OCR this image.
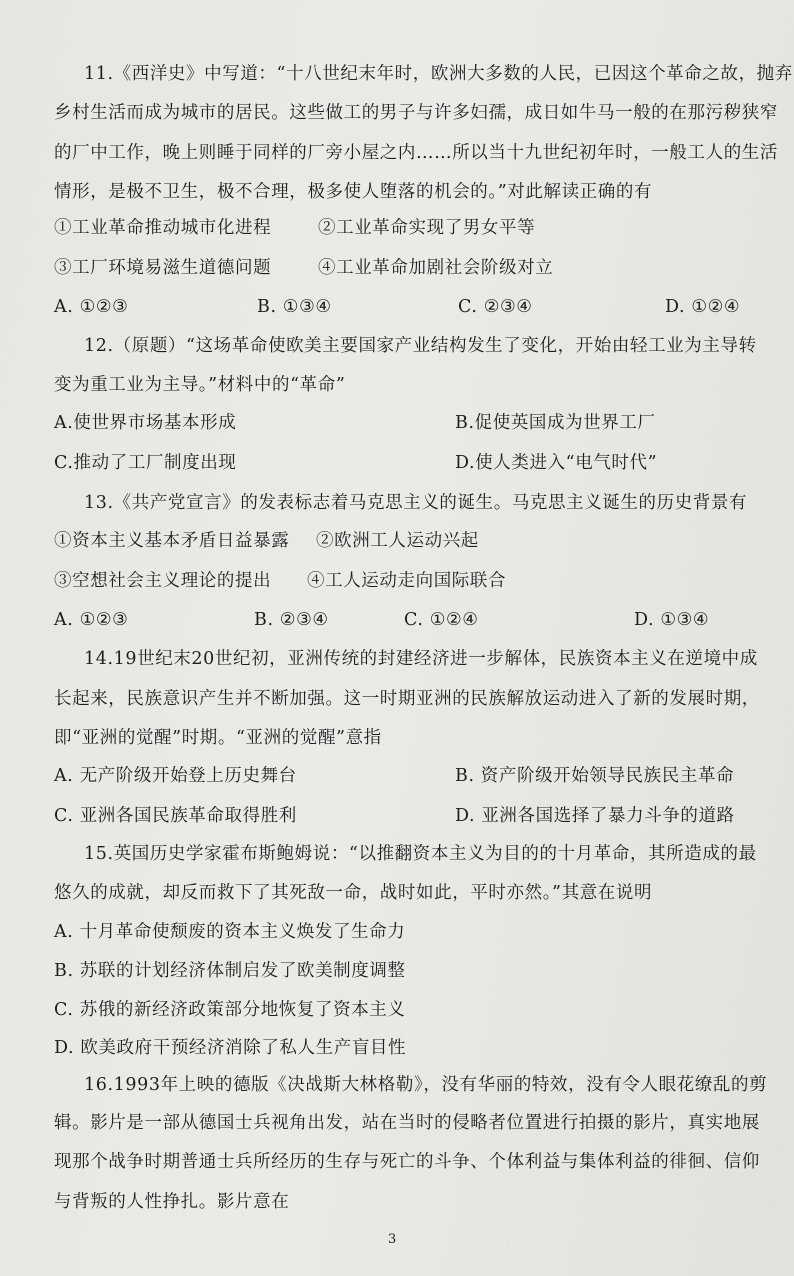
11.《西洋史》中写道：“十八世纪末年时，欧洲大多数的人民，已因这个革命之故，抛弃
乡村生活而成为城市的居民。这些做工的男子与许多妇孺，成日如牛马一般的在那污秽狭窄
的厂中工作，晚上则睡于同样的厂旁小屋之内……所以当十九世纪初年时，一般工人的生活
情形，是极不卫生，极不合理，极多使人堕落的机会的。”对此解读正确的有
①工业革命推动城市化进程	②工业革命实现了男女平等
③工厂环境易滋生道德问题	④工业革命加剧社会阶级对立
A. ①②③	B. ①③④	C. ②③④	D. ①②④
12.（原题）“这场革命使欧美主要国家产业结构发生了变化，开始由轻工业为主导转
变为重工业为主导。”材料中的“革命”
A.使世界市场基本形成	B.促使英国成为世界工厂
C.推动了工厂制度出现	D.使人类进入“电气时代”
13.《共产党宣言》的发表标志着马克思主义的诞生。马克思主义诞生的历史背景有
①资本主义基本矛盾日益暴露 ②欧洲工人运动兴起
③空想社会主义理论的提出 ④工人运动走向国际联合
A. ①②③	B. ②③④	C. ①②④	D. ①③④
14.19世纪末20世纪初，亚洲传统的封建经济进一步解体，民族资本主义在逆境中成
长起来，民族意识产生并不断加强。这一时期亚洲的民族解放运动进入了新的发展时期，
即“亚洲的觉醒”时期。“亚洲的觉醒”意指
A. 无产阶级开始登上历史舞台	B. 资产阶级开始领导民族民主革命
C. 亚洲各国民族革命取得胜利	D. 亚洲各国选择了暴力斗争的道路
15.英国历史学家霍布斯鲍姆说：“以推翻资本主义为目的的十月革命，其所造成的最
悠久的成就，却反而救下了其死敌一命，战时如此，平时亦然。”其意在说明
A. 十月革命使颓废的资本主义焕发了生命力
B. 苏联的计划经济体制启发了欧美制度调整
C. 苏俄的新经济政策部分地恢复了资本主义
D. 欧美政府干预经济消除了私人生产盲目性
16.1993年上映的德版《决战斯大林格勒》，没有华丽的特效，没有令人眼花缭乱的剪
辑。影片是一部从德国士兵视角出发，站在当时的侵略者位置进行拍摄的影片，真实地展
现那个战争时期普通士兵所经历的生存与死亡的斗争、个体利益与集体利益的徘徊、信仰
与背叛的人性挣扎。影片意在
3
